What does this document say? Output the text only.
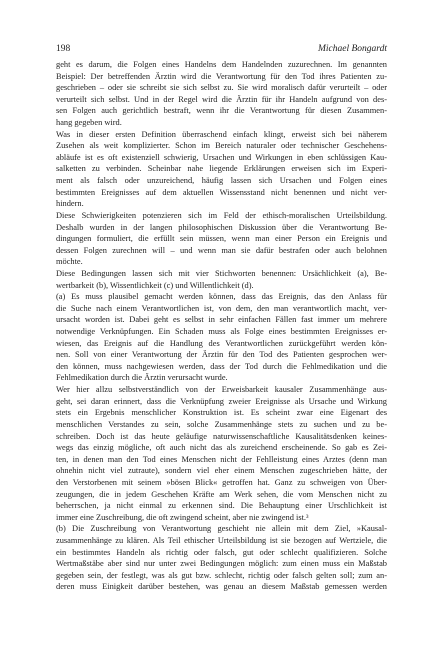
198	Michael Bongardt
geht es darum, die Folgen eines Handelns dem Handelnden zuzurechnen. Im genannten
Beispiel: Der betreffenden Ärztin wird die Verantwortung für den Tod ihres Patienten zu-
geschrieben – oder sie schreibt sie sich selbst zu. Sie wird moralisch dafür verurteilt – oder
verurteilt sich selbst. Und in der Regel wird die Ärztin für ihr Handeln aufgrund von des-
sen Folgen auch gerichtlich bestraft, wenn ihr die Verantwortung für diesen Zusammen-
hang gegeben wird.
Was in dieser ersten Definition überraschend einfach klingt, erweist sich bei näherem
Zusehen als weit komplizierter. Schon im Bereich naturaler oder technischer Geschehens-
abläufe ist es oft existenziell schwierig, Ursachen und Wirkungen in eben schlüssigen Kau-
salketten zu verbinden. Scheinbar nahe liegende Erklärungen erweisen sich im Experi-
ment als falsch oder unzureichend, häufig lassen sich Ursachen und Folgen eines
bestimmten Ereignisses auf dem aktuellen Wissensstand nicht benennen und nicht ver-
hindern.
Diese Schwierigkeiten potenzieren sich im Feld der ethisch-moralischen Urteilsbildung.
Deshalb wurden in der langen philosophischen Diskussion über die Verantwortung Be-
dingungen formuliert, die erfüllt sein müssen, wenn man einer Person ein Ereignis und
dessen Folgen zurechnen will – und wenn man sie dafür bestrafen oder auch belohnen
möchte.
Diese Bedingungen lassen sich mit vier Stichworten benennen: Ursächlichkeit (a), Be-
wertbarkeit (b), Wissentlichkeit (c) und Willentlichkeit (d).
(a) Es muss plausibel gemacht werden können, dass das Ereignis, das den Anlass für
die Suche nach einem Verantwortlichen ist, von dem, den man verantwortlich macht, ver-
ursacht worden ist. Dabei geht es selbst in sehr einfachen Fällen fast immer um mehrere
notwendige Verknüpfungen. Ein Schaden muss als Folge eines bestimmten Ereignisses er-
wiesen, das Ereignis auf die Handlung des Verantwortlichen zurückgeführt werden kön-
nen. Soll von einer Verantwortung der Ärztin für den Tod des Patienten gesprochen wer-
den können, muss nachgewiesen werden, dass der Tod durch die Fehlmedikation und die
Fehlmedikation durch die Ärztin verursacht wurde.
Wer hier allzu selbstverständlich von der Erweisbarkeit kausaler Zusammenhänge aus-
geht, sei daran erinnert, dass die Verknüpfung zweier Ereignisse als Ursache und Wirkung
stets ein Ergebnis menschlicher Konstruktion ist. Es scheint zwar eine Eigenart des
menschlichen Verstandes zu sein, solche Zusammenhänge stets zu suchen und zu be-
schreiben. Doch ist das heute geläufige naturwissenschaftliche Kausalitätsdenken keines-
wegs das einzig mögliche, oft auch nicht das als zureichend erscheinende. So gab es Zei-
ten, in denen man den Tod eines Menschen nicht der Fehlleistung eines Arztes (denn man
ohnehin nicht viel zutraute), sondern viel eher einem Menschen zugeschrieben hätte, der
den Verstorbenen mit seinem »bösen Blick« getroffen hat. Ganz zu schweigen von Über-
zeugungen, die in jedem Geschehen Kräfte am Werk sehen, die vom Menschen nicht zu
beherrschen, ja nicht einmal zu erkennen sind. Die Behauptung einer Urschlichkeit ist
immer eine Zuschreibung, die oft zwingend scheint, aber nie zwingend ist.³
(b) Die Zuschreibung von Verantwortung geschieht nie allein mit dem Ziel, »Kausal-
zusammenhänge zu klären. Als Teil ethischer Urteilsbildung ist sie bezogen auf Wertziele, die
ein bestimmtes Handeln als richtig oder falsch, gut oder schlecht qualifizieren. Solche
Wertmaßstäbe aber sind nur unter zwei Bedingungen möglich: zum einen muss ein Maßstab
gegeben sein, der festlegt, was als gut bzw. schlecht, richtig oder falsch gelten soll; zum an-
deren muss Einigkeit darüber bestehen, was genau an diesem Maßstab gemessen werden
